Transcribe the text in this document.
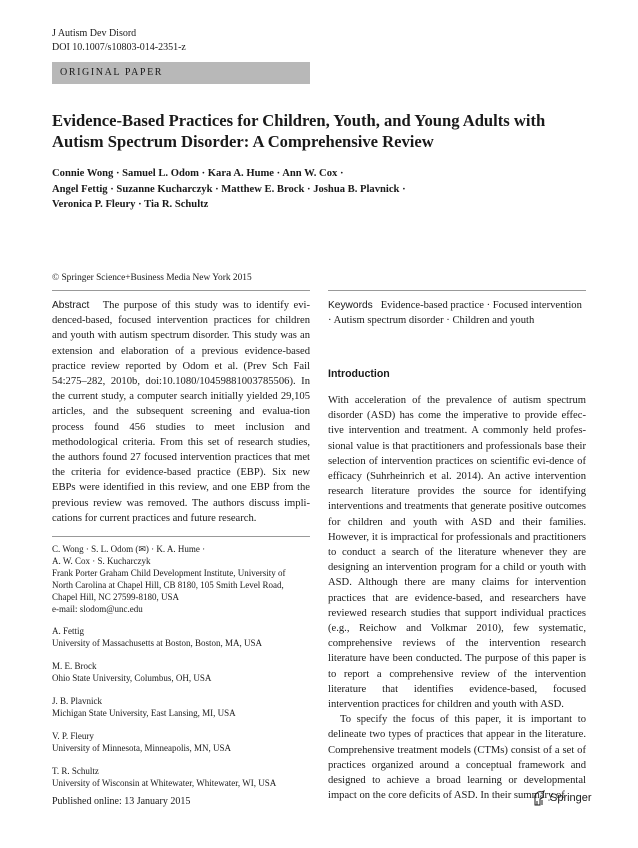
J Autism Dev Disord
DOI 10.1007/s10803-014-2351-z
ORIGINAL PAPER
Evidence-Based Practices for Children, Youth, and Young Adults with Autism Spectrum Disorder: A Comprehensive Review
Connie Wong · Samuel L. Odom · Kara A. Hume · Ann W. Cox ·
Angel Fettig · Suzanne Kucharczyk · Matthew E. Brock · Joshua B. Plavnick ·
Veronica P. Fleury · Tia R. Schultz
© Springer Science+Business Media New York 2015

Abstract The purpose of this study was to identify evi-denced-based, focused intervention practices for children and youth with autism spectrum disorder. This study was an extension and elaboration of a previous evidence-based practice review reported by Odom et al. (Prev Sch Fail 54:275–282, 2010b, doi:10.1080/10459881003785506). In the current study, a computer search initially yielded 29,105 articles, and the subsequent screening and evalua-tion process found 456 studies to meet inclusion and methodological criteria. From this set of research studies, the authors found 27 focused intervention practices that met the criteria for evidence-based practice (EBP). Six new EBPs were identified in this review, and one EBP from the previous review was removed. The authors discuss impli-cations for current practices and future research.

C. Wong · S. L. Odom (✉) · K. A. Hume ·
A. W. Cox · S. Kucharczyk
Frank Porter Graham Child Development Institute, University of
North Carolina at Chapel Hill, CB 8180, 105 Smith Level Road,
Chapel Hill, NC 27599-8180, USA
e-mail: slodom@unc.edu
A. Fettig
University of Massachusetts at Boston, Boston, MA, USA
M. E. Brock
Ohio State University, Columbus, OH, USA
J. B. Plavnick
Michigan State University, East Lansing, MI, USA
V. P. Fleury
University of Minnesota, Minneapolis, MN, USA
T. R. Schultz
University of Wisconsin at Whitewater, Whitewater, WI, USA

Keywords Evidence-based practice · Focused intervention · Autism spectrum disorder · Children and youth

Introduction

With acceleration of the prevalence of autism spectrum disorder (ASD) has come the imperative to provide effec-tive intervention and treatment. A commonly held profes-sional value is that practitioners and professionals base their selection of intervention practices on scientific evi-dence of efficacy (Suhrheinrich et al. 2014). An active intervention research literature provides the source for identifying interventions and treatments that generate positive outcomes for children and youth with ASD and their families. However, it is impractical for professionals and practitioners to conduct a search of the literature whenever they are designing an intervention program for a child or youth with ASD. Although there are many claims for intervention practices that are evidence-based, and researchers have reviewed research studies that support individual practices (e.g., Reichow and Volkmar 2010), few systematic, comprehensive reviews of the intervention research literature have been conducted. The purpose of this paper is to report a comprehensive review of the intervention literature that identifies evidence-based, focused intervention practices for children and youth with ASD.

To specify the focus of this paper, it is important to delineate two types of practices that appear in the literature. Comprehensive treatment models (CTMs) consist of a set of practices organized around a conceptual framework and designed to achieve a broad learning or developmental impact on the core deficits of ASD. In their summary of

Published online: 13 January 2015	Springer
